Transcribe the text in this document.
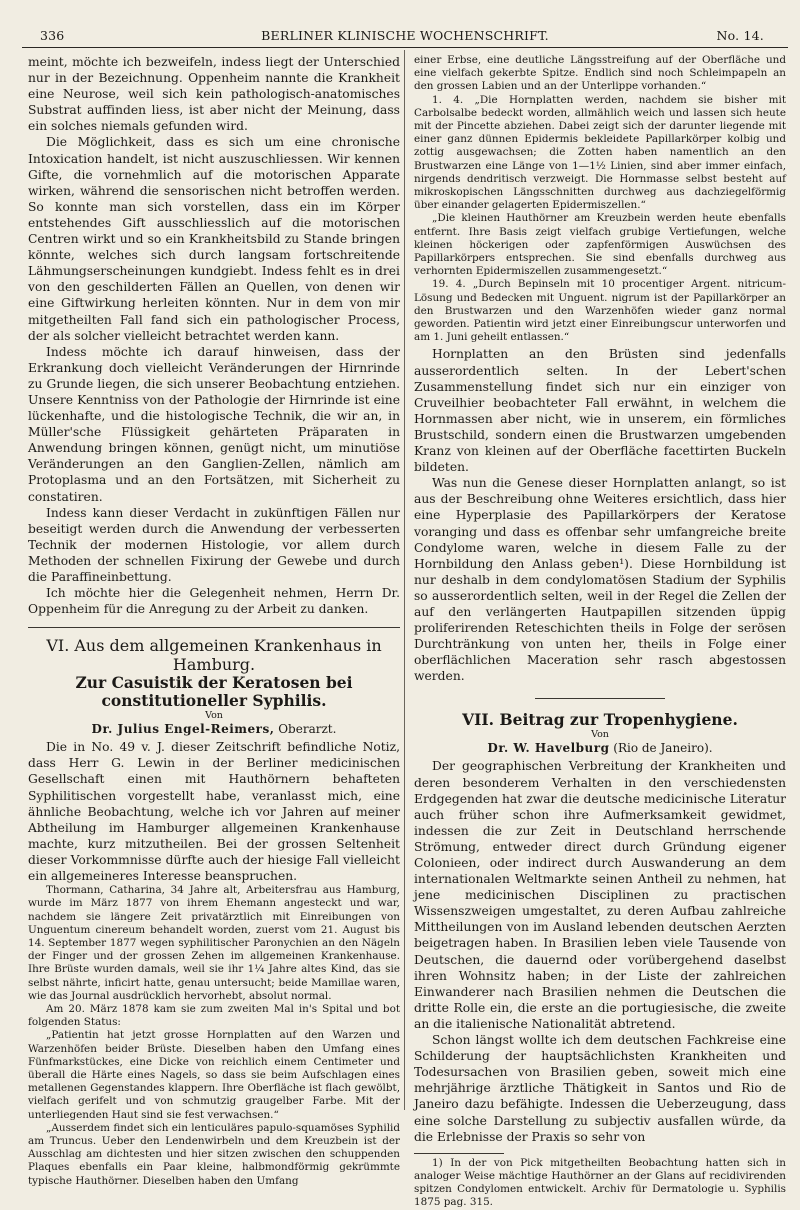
336	BERLINER KLINISCHE WOCHENSCHRIFT.	No. 14.

meint, möchte ich bezweifeln, indess liegt der Unterschied nur in der Bezeichnung. Oppenheim nannte die Krankheit eine Neurose, weil sich kein pathologisch-anatomisches Substrat auffinden liess, ist aber nicht der Meinung, dass ein solches niemals gefunden wird.

Die Möglichkeit, dass es sich um eine chronische Intoxication handelt, ist nicht auszuschliessen. Wir kennen Gifte, die vornehmlich auf die motorischen Apparate wirken, während die sensorischen nicht betroffen werden. So konnte man sich vorstellen, dass ein im Körper entstehendes Gift ausschliesslich auf die motorischen Centren wirkt und so ein Krankheitsbild zu Stande bringen könnte, welches sich durch langsam fortschreitende Lähmungserscheinungen kundgiebt. Indess fehlt es in drei von den geschilderten Fällen an Quellen, von denen wir eine Giftwirkung herleiten könnten. Nur in dem von mir mitgetheilten Fall fand sich ein pathologischer Process, der als solcher vielleicht betrachtet werden kann.

Indess möchte ich darauf hinweisen, dass der Erkrankung doch vielleicht Veränderungen der Hirnrinde zu Grunde liegen, die sich unserer Beobachtung entziehen. Unsere Kenntniss von der Pathologie der Hirnrinde ist eine lückenhafte, und die histologische Technik, die wir an, in Müller'sche Flüssigkeit gehärteten Präparaten in Anwendung bringen können, genügt nicht, um minutiöse Veränderungen an den Ganglien-Zellen, nämlich am Protoplasma und an den Fortsätzen, mit Sicherheit zu constatiren.

Indess kann dieser Verdacht in zukünftigen Fällen nur beseitigt werden durch die Anwendung der verbesserten Technik der modernen Histologie, vor allem durch Methoden der schnellen Fixirung der Gewebe und durch die Paraffineinbettung.

Ich möchte hier die Gelegenheit nehmen, Herrn Dr. Oppenheim für die Anregung zu der Arbeit zu danken.

VI. Aus dem allgemeinen Krankenhaus in Hamburg.

Zur Casuistik der Keratosen bei constitutioneller Syphilis.

Von

Dr. Julius Engel-Reimers, Oberarzt.

Die in No. 49 v. J. dieser Zeitschrift befindliche Notiz, dass Herr G. Lewin in der Berliner medicinischen Gesellschaft einen mit Hauthörnern behafteten Syphilitischen vorgestellt habe, veranlasst mich, eine ähnliche Beobachtung, welche ich vor Jahren auf meiner Abtheilung im Hamburger allgemeinen Krankenhause machte, kurz mitzutheilen. Bei der grossen Seltenheit dieser Vorkommnisse dürfte auch der hiesige Fall vielleicht ein allgemeineres Interesse beanspruchen.

Thormann, Catharina, 34 Jahre alt, Arbeitersfrau aus Hamburg, wurde im März 1877 von ihrem Ehemann angesteckt und war, nachdem sie längere Zeit privatärztlich mit Einreibungen von Unguentum cinereum behandelt worden, zuerst vom 21. August bis 14. September 1877 wegen syphilitischer Paronychien an den Nägeln der Finger und der grossen Zehen im allgemeinen Krankenhause. Ihre Brüste wurden damals, weil sie ihr 1¼ Jahre altes Kind, das sie selbst nährte, inficirt hatte, genau untersucht; beide Mamillae waren, wie das Journal ausdrücklich hervorhebt, absolut normal.

Am 20. März 1878 kam sie zum zweiten Mal in's Spital und bot folgenden Status:

„Patientin hat jetzt grosse Hornplatten auf den Warzen und Warzenhöfen beider Brüste. Dieselben haben den Umfang eines Fünfmarkstückes, eine Dicke von reichlich einem Centimeter und überall die Härte eines Nagels, so dass sie beim Aufschlagen eines metallenen Gegenstandes klappern. Ihre Oberfläche ist flach gewölbt, vielfach gerifelt und von schmutzig graugelber Farbe. Mit der unterliegenden Haut sind sie fest verwachsen.“

„Ausserdem findet sich ein lenticuläres papulo-squamöses Syphilid am Truncus. Ueber den Lendenwirbeln und dem Kreuzbein ist der Ausschlag am dichtesten und hier sitzen zwischen den schuppenden Plaques ebenfalls ein Paar kleine, halbmondförmig gekrümmte typische Hauthörner. Dieselben haben den Umfang

einer Erbse, eine deutliche Längsstreifung auf der Oberfläche und eine vielfach gekerbte Spitze. Endlich sind noch Schleimpapeln an den grossen Labien und an der Unterlippe vorhanden.“

1. 4. „Die Hornplatten werden, nachdem sie bisher mit Carbolsalbe bedeckt worden, allmählich weich und lassen sich heute mit der Pincette abziehen. Dabei zeigt sich der darunter liegende mit einer ganz dünnen Epidermis bekleidete Papillarkörper kolbig und zottig ausgewachsen; die Zotten haben namentlich an den Brustwarzen eine Länge von 1—1½ Linien, sind aber immer einfach, nirgends dendritisch verzweigt. Die Hornmasse selbst besteht auf mikroskopischen Längsschnitten durchweg aus dachziegelförmig über einander gelagerten Epidermiszellen.“

„Die kleinen Hauthörner am Kreuzbein werden heute ebenfalls entfernt. Ihre Basis zeigt vielfach grubige Vertiefungen, welche kleinen höckerigen oder zapfenförmigen Auswüchsen des Papillarkörpers entsprechen. Sie sind ebenfalls durchweg aus verhornten Epidermiszellen zusammengesetzt.“

19. 4. „Durch Bepinseln mit 10 procentiger Argent. nitricum-Lösung und Bedecken mit Unguent. nigrum ist der Papillarkörper an den Brustwarzen und den Warzenhöfen wieder ganz normal geworden. Patientin wird jetzt einer Einreibungscur unterworfen und am 1. Juni geheilt entlassen.“

Hornplatten an den Brüsten sind jedenfalls ausserordentlich selten. In der Lebert'schen Zusammenstellung findet sich nur ein einziger von Cruveilhier beobachteter Fall erwähnt, in welchem die Hornmassen aber nicht, wie in unserem, ein förmliches Brustschild, sondern einen die Brustwarzen umgebenden Kranz von kleinen auf der Oberfläche facettirten Buckeln bildeten.

Was nun die Genese dieser Hornplatten anlangt, so ist aus der Beschreibung ohne Weiteres ersichtlich, dass hier eine Hyperplasie des Papillarkörpers der Keratose voranging und dass es offenbar sehr umfangreiche breite Condylome waren, welche in diesem Falle zu der Hornbildung den Anlass geben¹). Diese Hornbildung ist nur deshalb in dem condylomatösen Stadium der Syphilis so ausserordentlich selten, weil in der Regel die Zellen der auf den verlängerten Hautpapillen sitzenden üppig proliferirenden Reteschichten theils in Folge der serösen Durchtränkung von unten her, theils in Folge einer oberflächlichen Maceration sehr rasch abgestossen werden.

VII. Beitrag zur Tropenhygiene.

Von

Dr. W. Havelburg (Rio de Janeiro).

Der geographischen Verbreitung der Krankheiten und deren besonderem Verhalten in den verschiedensten Erdgegenden hat zwar die deutsche medicinische Literatur auch früher schon ihre Aufmerksamkeit gewidmet, indessen die zur Zeit in Deutschland herrschende Strömung, entweder direct durch Gründung eigener Colonieen, oder indirect durch Auswanderung an dem internationalen Weltmarkte seinen Antheil zu nehmen, hat jene medicinischen Disciplinen zu practischen Wissenszweigen umgestaltet, zu deren Aufbau zahlreiche Mittheilungen von im Ausland lebenden deutschen Aerzten beigetragen haben. In Brasilien leben viele Tausende von Deutschen, die dauernd oder vorübergehend daselbst ihren Wohnsitz haben; in der Liste der zahlreichen Einwanderer nach Brasilien nehmen die Deutschen die dritte Rolle ein, die erste an die portugiesische, die zweite an die italienische Nationalität abtretend.

Schon längst wollte ich dem deutschen Fachkreise eine Schilderung der hauptsächlichsten Krankheiten und Todesursachen von Brasilien geben, soweit mich eine mehrjährige ärztliche Thätigkeit in Santos und Rio de Janeiro dazu befähigte. Indessen die Ueberzeugung, dass eine solche Darstellung zu subjectiv ausfallen würde, da die Erlebnisse der Praxis so sehr von

1) In der von Pick mitgetheilten Beobachtung hatten sich in analoger Weise mächtige Hauthörner an der Glans auf recidivirenden spitzen Condylomen entwickelt. Archiv für Dermatologie u. Syphilis 1875 pag. 315.
